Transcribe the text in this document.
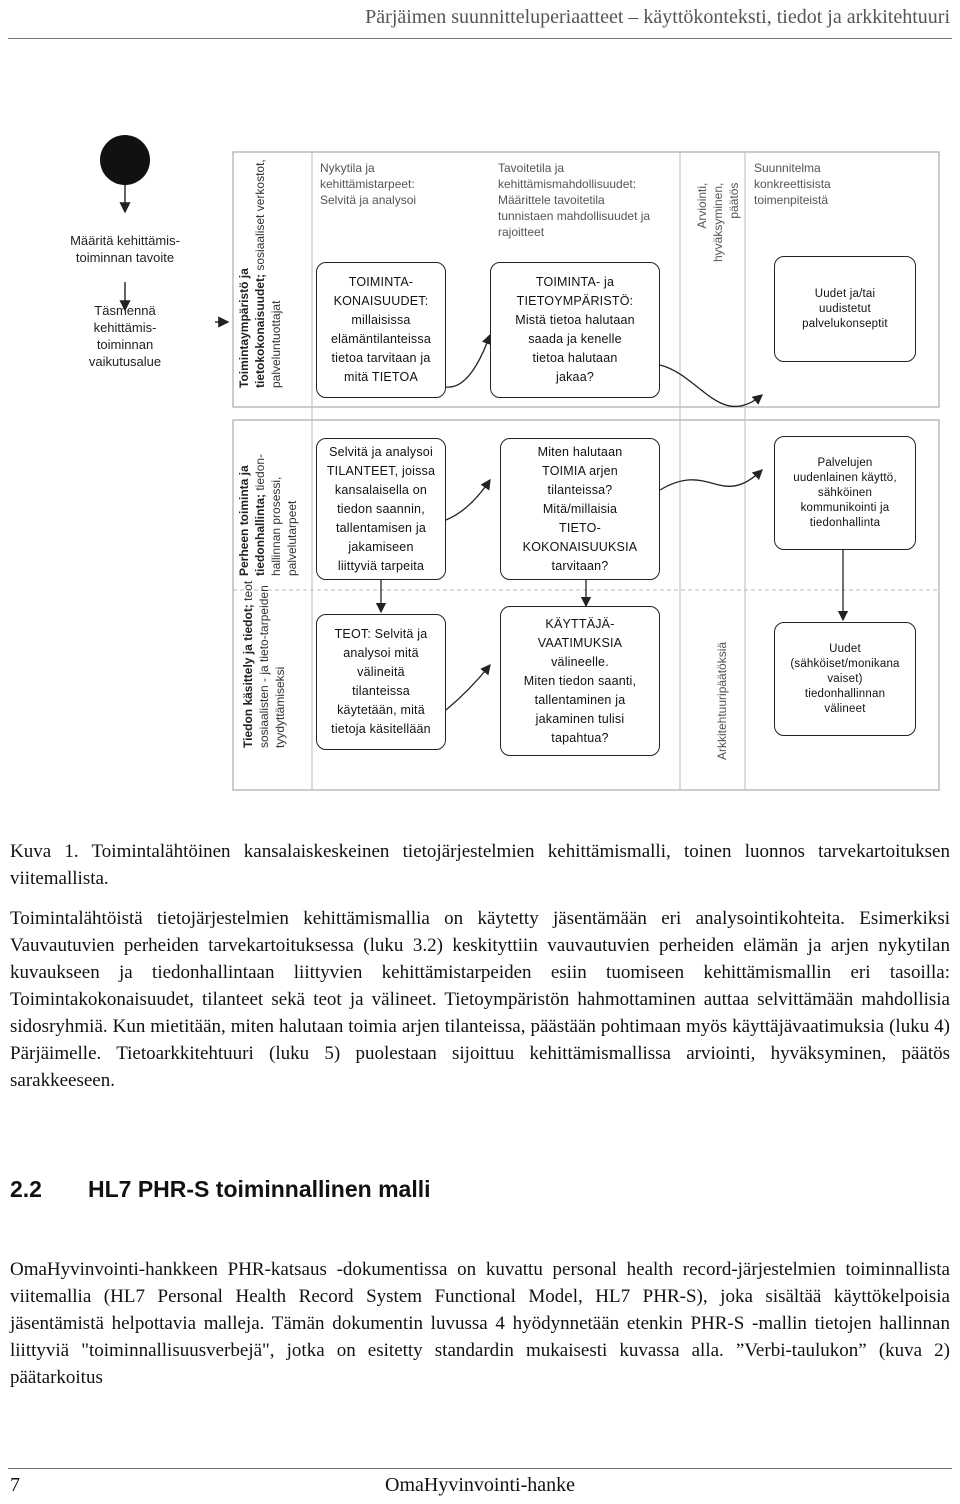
Pärjäimen suunnitteluperiaatteet – käyttökonteksti, tiedot ja arkkitehtuuri
Määritä kehittämis-
toiminnan tavoite
Täsmennä
kehittämis-
toiminnan
vaikutusalue	Toimintaympäristö ja tietokokonaisuudet; sosiaaliset verkostot, palveluntuottajat
Perheen toiminta ja tiedonhallinta; tiedon-hallinnan prosessi, palvelutarpeet
Tiedon käsittely ja tiedot; teot sosiaalisten - ja tieto-tarpeiden tyydyttämiseksi
Nykytila ja
kehittämistarpeet:
Selvitä ja analysoi
Tavoitetila ja
kehittämismahdollisuudet:
Määrittele tavoitetila
tunnistaen mahdollisuudet ja
rajoitteet
Arviointi,
hyväksyminen,
päätös
Suunnitelma
konkreettisista
toimenpiteistä
Arkkitehtuuripäätöksiä
TOIMINTA-
KONAISUUDET:
millaisissa
elämäntilanteissa
tietoa tarvitaan ja
mitä TIETOA
TOIMINTA- ja
TIETOYMPÄRISTÖ:
Mistä tietoa halutaan
saada ja kenelle
tietoa halutaan
jakaa?
Uudet ja/tai
uudistetut
palvelukonseptit
Selvitä ja analysoi
TILANTEET, joissa
kansalaisella on
tiedon saannin,
tallentamisen ja
jakamiseen
liittyviä tarpeita
Miten halutaan
TOIMIA arjen
tilanteissa?
Mitä/millaisia
TIETO-
KOKONAISUUKSIA
tarvitaan?
Palvelujen
uudenlainen käyttö,
sähköinen
kommunikointi ja
tiedonhallinta
TEOT: Selvitä ja
analysoi mitä
välineitä
tilanteissa
käytetään, mitä
tietoja käsitellään
KÄYTTÄJÄ-
VAATIMUKSIA
välineelle.
Miten tiedon saanti,
tallentaminen ja
jakaminen tulisi
tapahtua?
Uudet
(sähköiset/monikana
vaiset)
tiedonhallinnan
välineet
Kuva 1. Toimintalähtöinen kansalaiskeskeinen tietojärjestelmien kehittämismalli, toinen luonnos tarvekartoituksen viitemallista.
Toimintalähtöistä tietojärjestelmien kehittämismallia on käytetty jäsentämään eri analysointikohteita. Esimerkiksi Vauvautuvien perheiden tarvekartoituksessa (luku 3.2) keskityttiin vauvautuvien perheiden elämän ja arjen nykytilan kuvaukseen ja tiedonhallintaan liittyvien kehittämistarpeiden esiin tuomiseen kehittämismallin eri tasoilla: Toimintakokonaisuudet, tilanteet sekä teot ja välineet. Tietoympäristön hahmottaminen auttaa selvittämään mahdollisia sidosryhmiä. Kun mietitään, miten halutaan toimia arjen tilanteissa, päästään pohtimaan myös käyttäjävaatimuksia (luku 4) Pärjäimelle. Tietoarkkitehtuuri (luku 5) puolestaan sijoittuu kehittämismallissa arviointi, hyväksyminen, päätös sarakkeeseen.
2.2 HL7 PHR-S toiminnallinen malli
OmaHyvinvointi-hankkeen PHR-katsaus -dokumentissa on kuvattu personal health record-järjestelmien toiminnallista viitemallia (HL7 Personal Health Record System Functional Model, HL7 PHR-S), joka sisältää käyttökelpoisia jäsentämistä helpottavia malleja. Tämän dokumentin luvussa 4 hyödynnetään etenkin PHR-S -mallin tietojen hallinnan liittyviä "toiminnallisuusverbejä", jotka on esitetty standardin mukaisesti kuvassa alla. ”Verbi-taulukon” (kuva 2) päätarkoitus
7	OmaHyvinvointi-hanke
